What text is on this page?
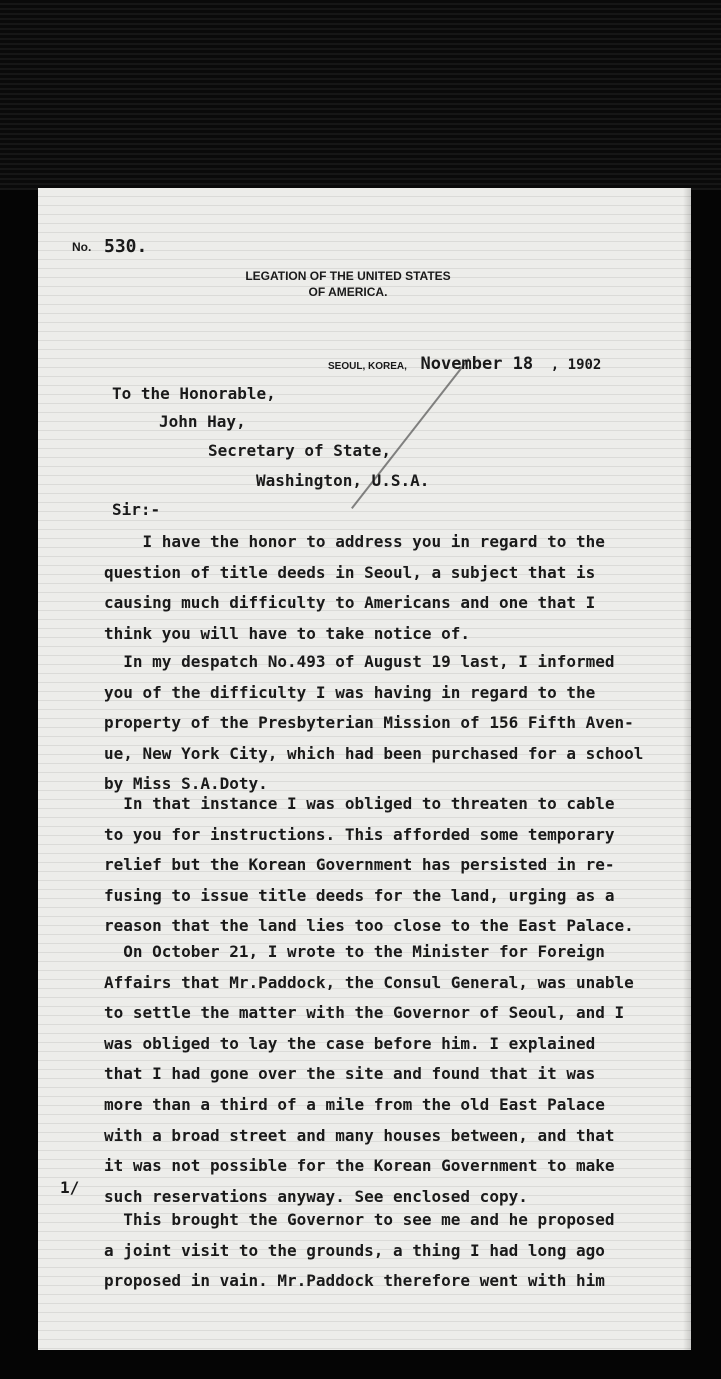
No. 530.
LEGATION OF THE UNITED STATES
OF AMERICA.
SEOUL, KOREA, November 18 , 1902
To the Honorable,
John Hay,
Secretary of State,
Washington, U.S.A.
Sir:-
I have the honor to address you in regard to the
question of title deeds in Seoul, a subject that is
causing much difficulty to Americans and one that I
think you will have to take notice of.
In my despatch No.493 of August 19 last, I informed
you of the difficulty I was having in regard to the
property of the Presbyterian Mission of 156 Fifth Aven-
ue, New York City, which had been purchased for a school
by Miss S.A.Doty.
In that instance I was obliged to threaten to cable
to you for instructions. This afforded some temporary
relief but the Korean Government has persisted in re-
fusing to issue title deeds for the land, urging as a
reason that the land lies too close to the East Palace.
On October 21, I wrote to the Minister for Foreign
Affairs that Mr.Paddock, the Consul General, was unable
to settle the matter with the Governor of Seoul, and I
was obliged to lay the case before him. I explained
that I had gone over the site and found that it was
more than a third of a mile from the old East Palace
with a broad street and many houses between, and that
it was not possible for the Korean Government to make
such reservations anyway. See enclosed copy.
This brought the Governor to see me and he proposed
a joint visit to the grounds, a thing I had long ago
proposed in vain. Mr.Paddock therefore went with him
1/
